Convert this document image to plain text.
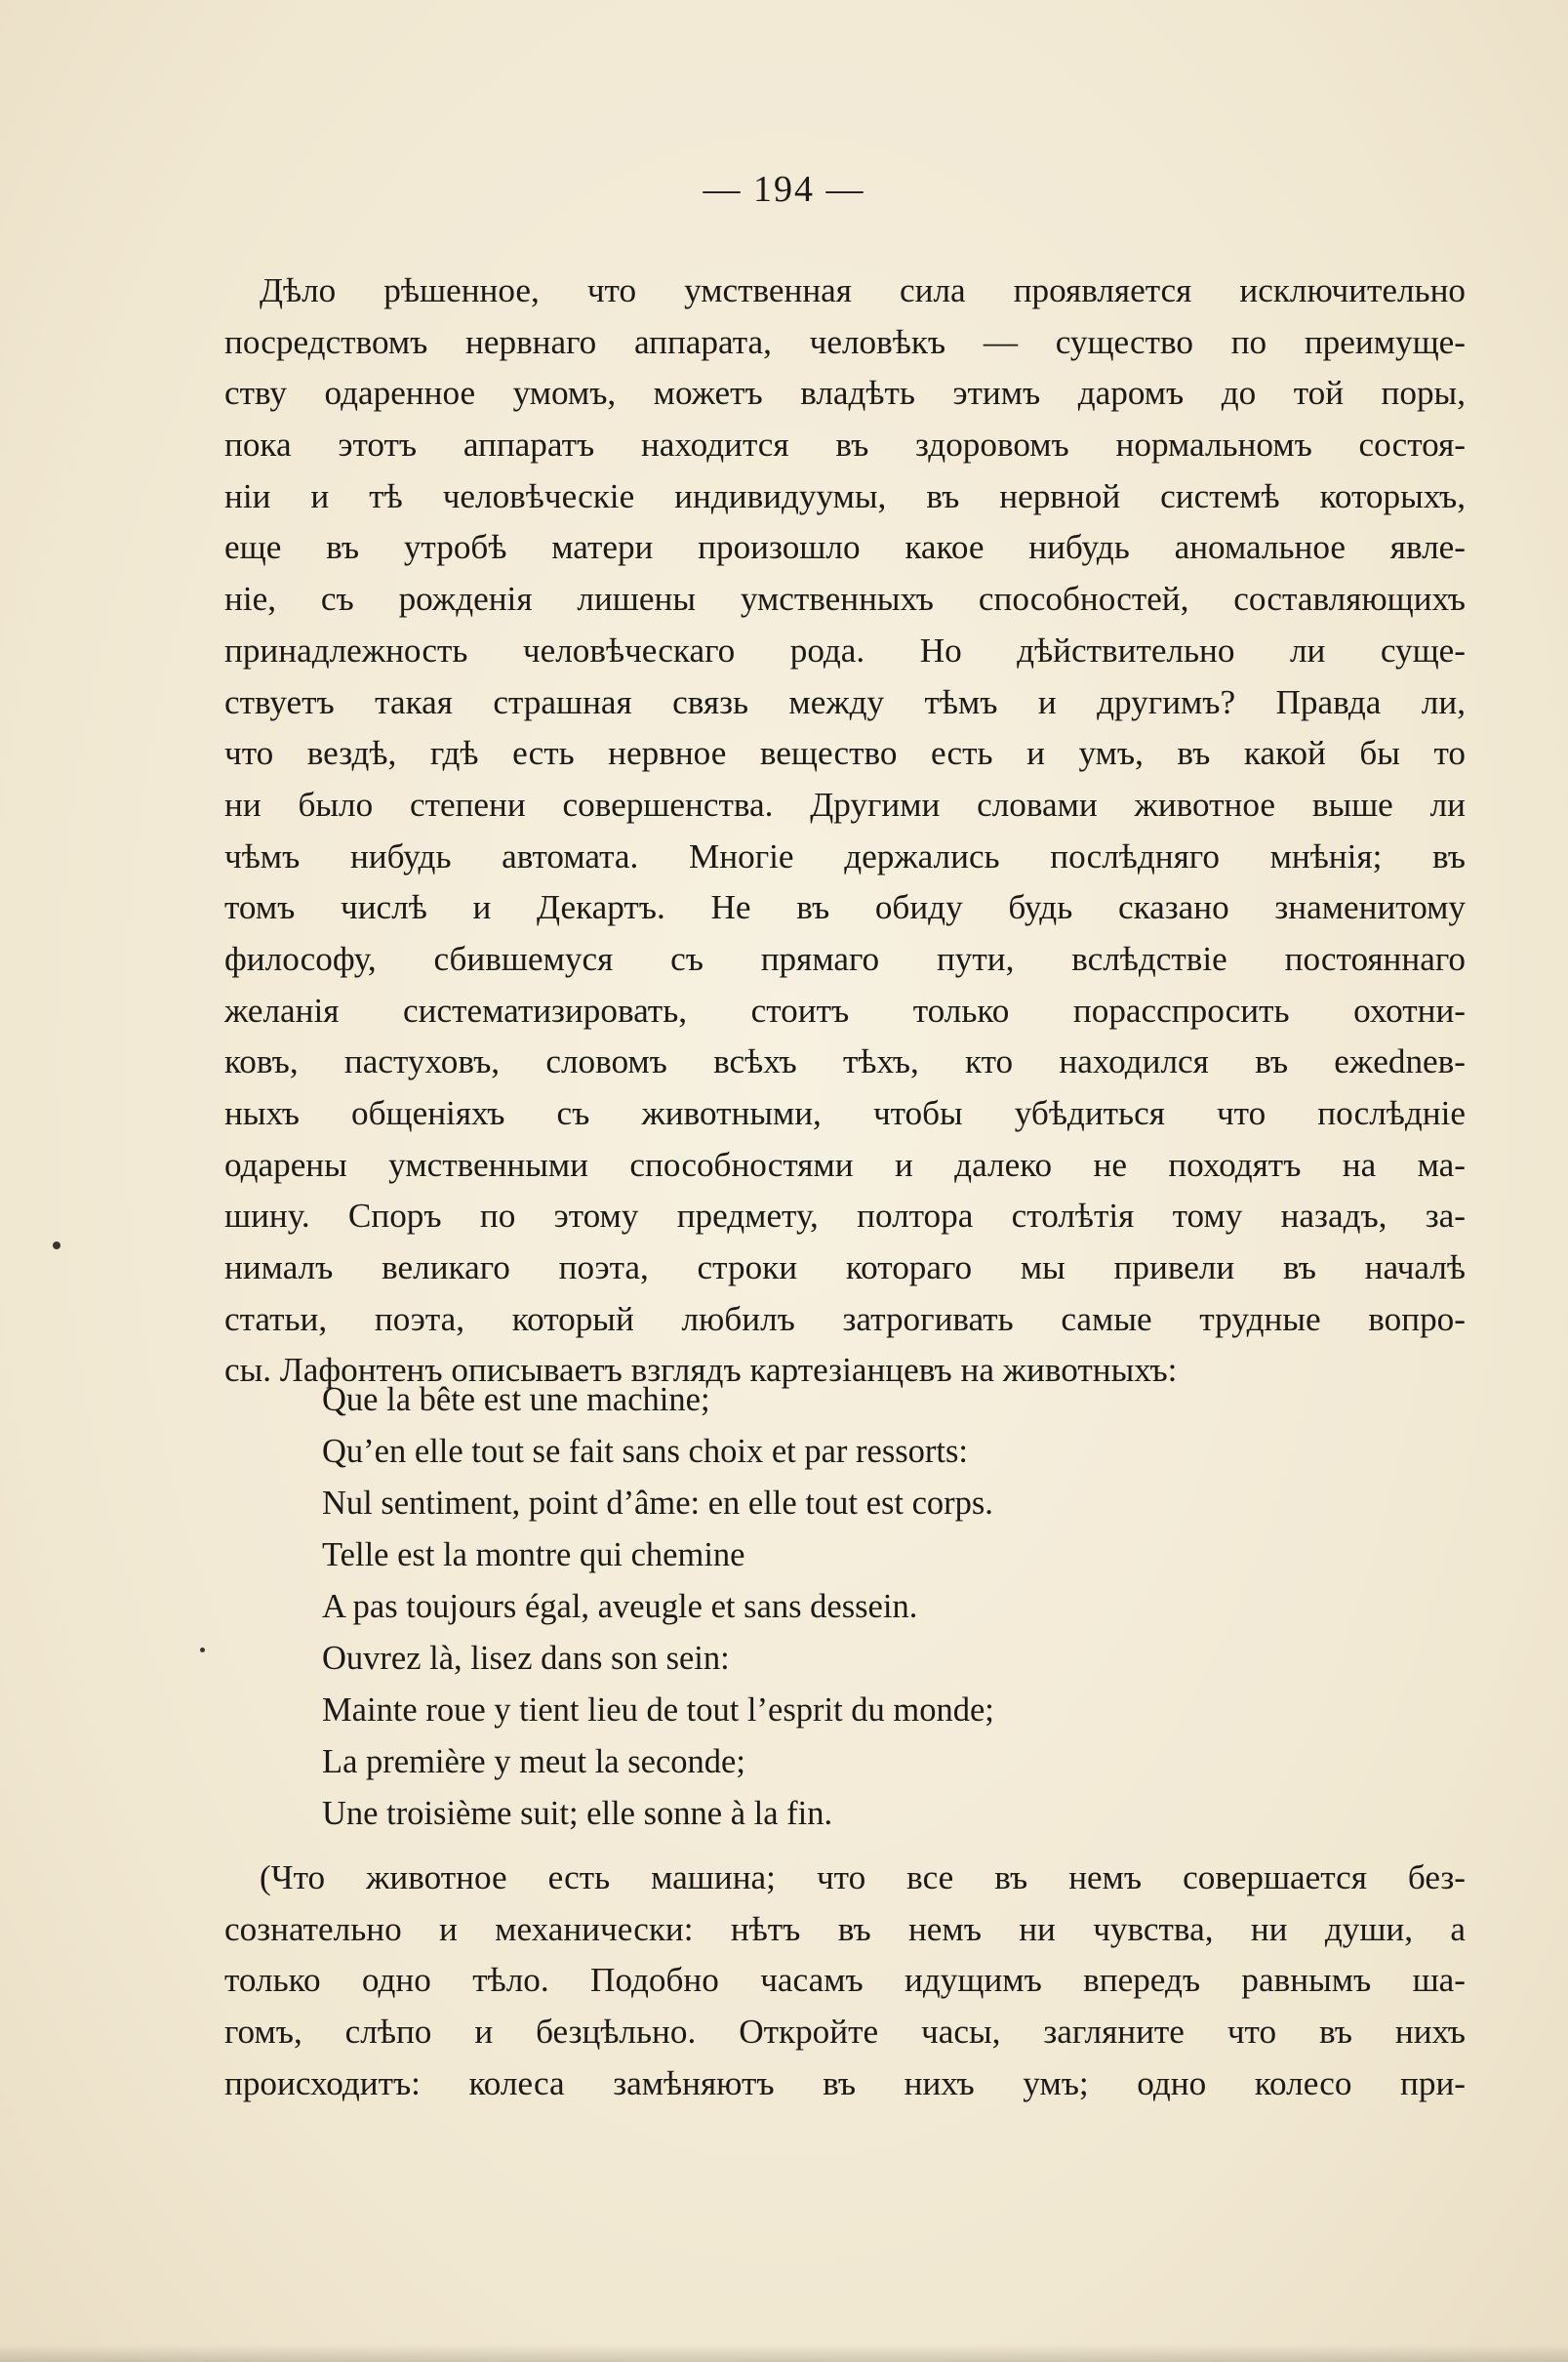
— 194 —
Дѣло рѣшенное, что умственная сила проявляется исключительно
посредствомъ нервнаго аппарата, человѣкъ — существо по преимуще-
ству одаренное умомъ, можетъ владѣть этимъ даромъ до той поры,
пока этотъ аппаратъ находится въ здоровомъ нормальномъ состоя-
ніи и тѣ человѣческіе индивидуумы, въ нервной системѣ которыхъ,
еще въ утробѣ матери произошло какое нибудь аномальное явле-
ніе, съ рожденія лишены умственныхъ способностей, составляющихъ
принадлежность человѣческаго рода. Но дѣйствительно ли суще-
ствуетъ такая страшная связь между тѣмъ и другимъ? Правда ли,
что вездѣ, гдѣ есть нервное вещество есть и умъ, въ какой бы то
ни было степени совершенства. Другими словами животное выше ли
чѣмъ нибудь автомата. Многіе держались послѣдняго мнѣнія; въ
томъ числѣ и Декартъ. Не въ обиду будь сказано знаменитому
философу, сбившемуся съ прямаго пути, вслѣдствіе постояннаго
желанія систематизировать, стоитъ только порасспросить охотни-
ковъ, пастуховъ, словомъ всѣхъ тѣхъ, кто находился въ ежednев-
ныхъ общеніяхъ съ животными, чтобы убѣдиться что послѣдніе
одарены умственными способностями и далеко не походятъ на ма-
шину. Споръ по этому предмету, полтора столѣтія тому назадъ, за-
нималъ великаго поэта, строки котораго мы привели въ началѣ
статьи, поэта, который любилъ затрогивать самые трудные вопро-
сы. Лафонтенъ описываетъ взглядъ картезіанцевъ на животныхъ:
Que la bête est une machine;
Qu’en elle tout se fait sans choix et par ressorts:
Nul sentiment, point d’âme: en elle tout est corps.
Telle est la montre qui chemine
A pas toujours égal, aveugle et sans dessein.
Ouvrez là, lisez dans son sein:
Mainte roue y tient lieu de tout l’esprit du monde;
La première y meut la seconde;
Une troisième suit; elle sonne à la fin.
(Что животное есть машина; что все въ немъ совершается без-
сознательно и механически: нѣтъ въ немъ ни чувства, ни души, а
только одно тѣло. Подобно часамъ идущимъ впередъ равнымъ ша-
гомъ, слѣпо и безцѣльно. Откройте часы, загляните что въ нихъ
происходитъ: колеса замѣняютъ въ нихъ умъ; одно колесо при-
